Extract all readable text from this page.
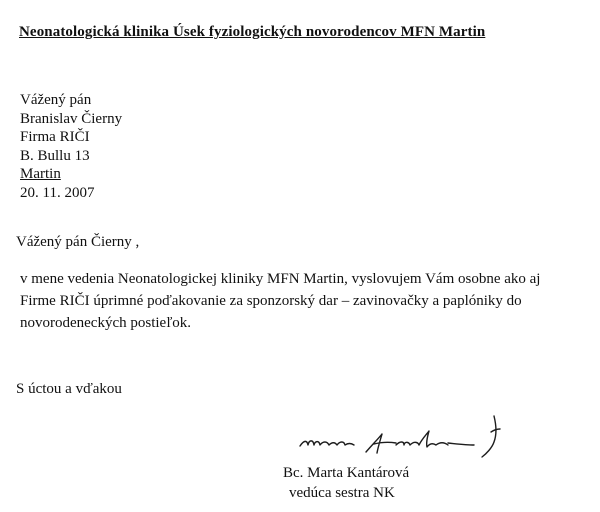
Neonatologická klinika Úsek fyziologických novorodencov MFN Martin
Vážený pán
Branislav Čierny
Firma RIČI
B. Bullu 13
Martin
20. 11. 2007
Vážený pán Čierny ,
v mene vedenia Neonatologickej kliniky MFN Martin, vyslovujem Vám osobne ako aj
Firme RIČI úprimné poďakovanie za sponzorský dar – zavinovačky a paplóniky do
novorodeneckých postieľok.
S úctou a vďakou
Bc. Marta Kantárová
vedúca sestra NK
